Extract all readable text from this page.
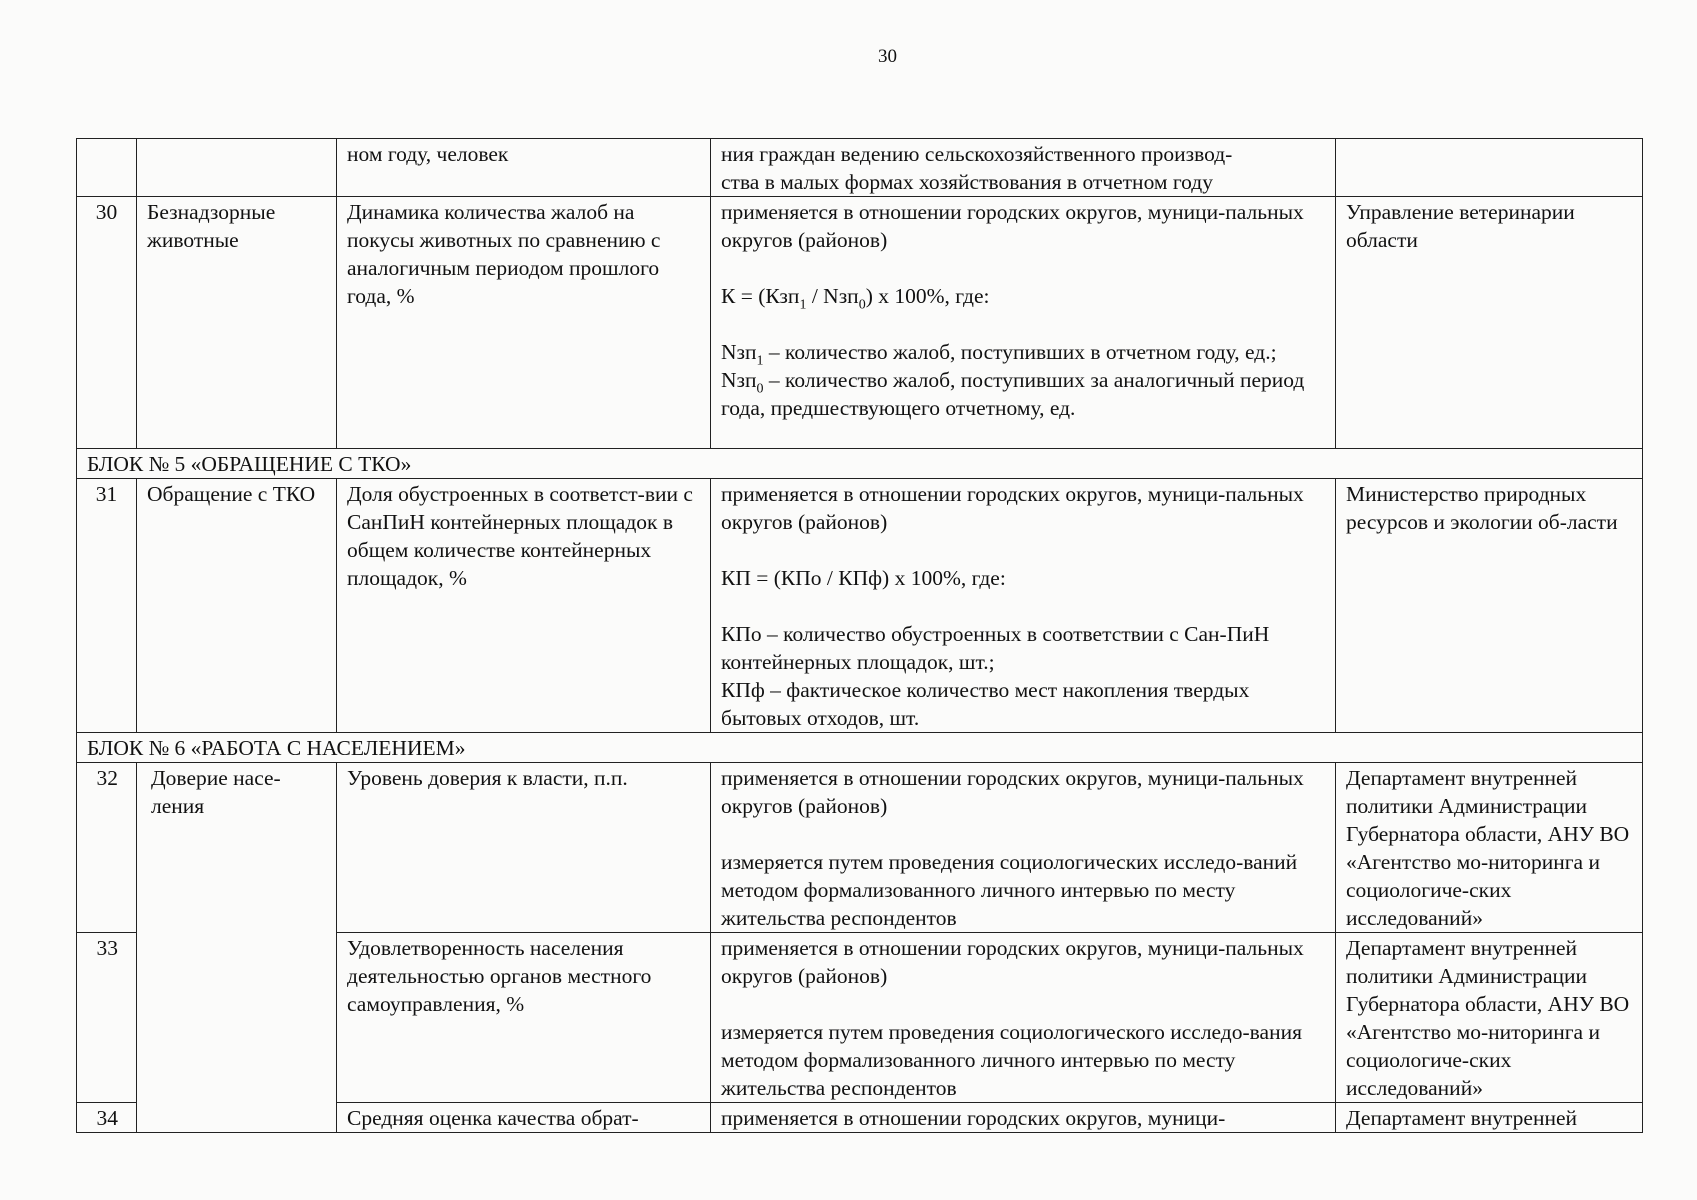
30
		ном году, человек	ния граждан ведению сельскохозяйственного производ-
ства в малых формах хозяйствования в отчетном году	

30	Безнадзорные животные	Динамика количества жалоб на покусы животных по сравнению с аналогичным периодом прошлого года, %	применяется в отношении городских округов, муници-пальных округов (районов)
К = (Кзп$_1$ / Nзп$_0$) х 100%, где:
Nзп$_1$ – количество жалоб, поступивших в отчетном году, ед.;
Nзп$_0$ – количество жалоб, поступивших за аналогичный период года, предшествующего отчетному, ед.	Управление ветеринарии области
БЛОК № 5 «ОБРАЩЕНИЕ С ТКО»				
31	Обращение с ТКО	Доля обустроенных в соответст-вии с СанПиН контейнерных площадок в общем количестве контейнерных площадок, %	применяется в отношении городских округов, муници-пальных округов (районов)
КП = (КПо / КПф) х 100%, где:
КПо – количество обустроенных в соответствии с Сан-ПиН контейнерных площадок, шт.;
КПф – фактическое количество мест накопления твердых бытовых отходов, шт.	Министерство природных ресурсов и экологии об-ласти
БЛОК № 6 «РАБОТА С НАСЕЛЕНИЕМ»				
32	Доверие насе-ления	Уровень доверия к власти, п.п.	применяется в отношении городских округов, муници-пальных округов (районов)
измеряется путем проведения социологических исследо-ваний методом формализованного личного интервью по месту жительства респондентов	Департамент внутренней политики Администрации Губернатора области, АНУ ВО «Агентство мо-ниторинга и социологиче-ских исследований»
33		Удовлетворенность населения деятельностью органов местного самоуправления, %	применяется в отношении городских округов, муници-пальных округов (районов)
измеряется путем проведения социологического исследо-вания методом формализованного личного интервью по месту жительства респондентов	Департамент внутренней политики Администрации Губернатора области, АНУ ВО «Агентство мо-ниторинга и социологиче-ских исследований»
34		Средняя оценка качества обрат-	применяется в отношении городских округов, муници-	Департамент внутренней
